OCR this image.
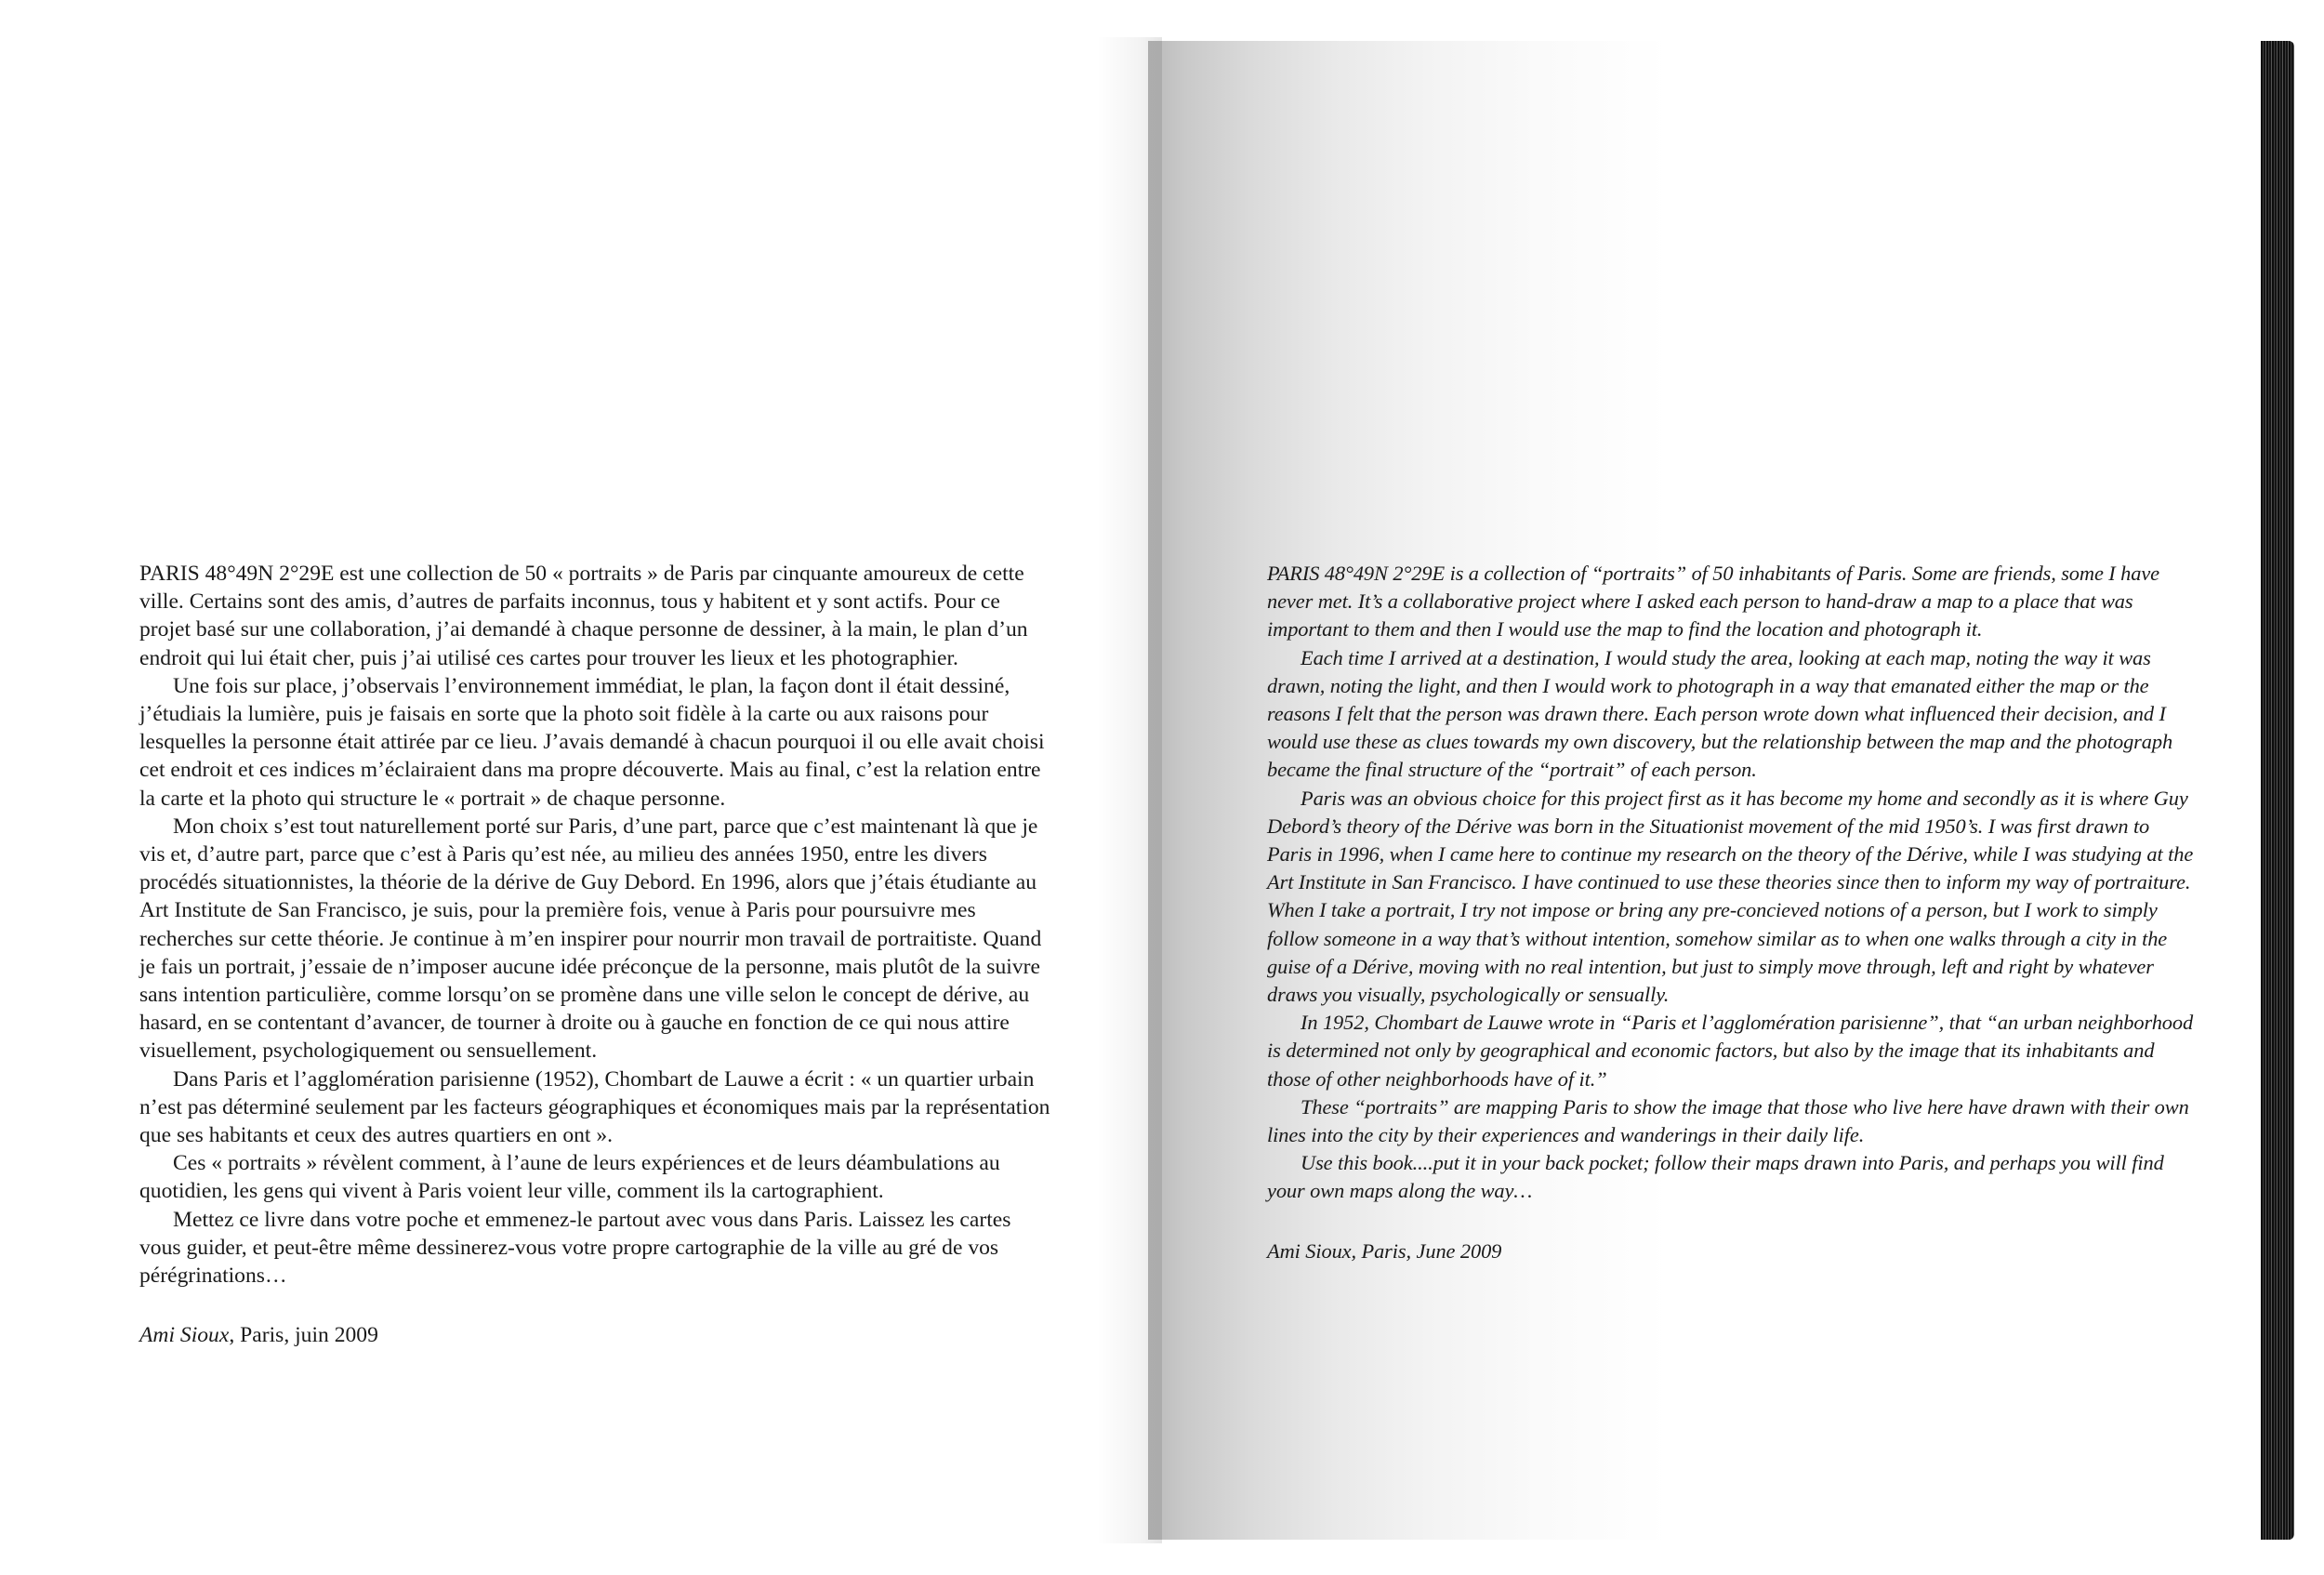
PARIS 48°49N 2°29E est une collection de 50 « portraits » de Paris par cinquante amoureux de cette ville. Certains sont des amis, d’autres de parfaits inconnus, tous y habitent et y sont actifs. Pour ce projet basé sur une collaboration, j’ai demandé à chaque personne de dessiner, à la main, le plan d’un endroit qui lui était cher, puis j’ai utilisé ces cartes pour trouver les lieux et les photographier.

Une fois sur place, j’observais l’environnement immédiat, le plan, la façon dont il était dessiné, j’étudiais la lumière, puis je faisais en sorte que la photo soit fidèle à la carte ou aux raisons pour lesquelles la personne était attirée par ce lieu. J’avais demandé à chacun pourquoi il ou elle avait choisi cet endroit et ces indices m’éclairaient dans ma propre découverte. Mais au final, c’est la relation entre la carte et la photo qui structure le « portrait » de chaque personne.

Mon choix s’est tout naturellement porté sur Paris, d’une part, parce que c’est maintenant là que je vis et, d’autre part, parce que c’est à Paris qu’est née, au milieu des années 1950, entre les divers procédés situationnistes, la théorie de la dérive de Guy Debord. En 1996, alors que j’étais étudiante au Art Institute de San Francisco, je suis, pour la première fois, venue à Paris pour poursuivre mes recherches sur cette théorie. Je continue à m’en inspirer pour nourrir mon travail de portraitiste. Quand je fais un portrait, j’essaie de n’imposer aucune idée préconçue de la personne, mais plutôt de la suivre sans intention particulière, comme lorsqu’on se promène dans une ville selon le concept de dérive, au hasard, en se contentant d’avancer, de tourner à droite ou à gauche en fonction de ce qui nous attire visuellement, psychologiquement ou sensuellement.

Dans Paris et l’agglomération parisienne (1952), Chombart de Lauwe a écrit : « un quartier urbain n’est pas déterminé seulement par les facteurs géographiques et économiques mais par la représentation que ses habitants et ceux des autres quartiers en ont ».

Ces « portraits » révèlent comment, à l’aune de leurs expériences et de leurs déambulations au quotidien, les gens qui vivent à Paris voient leur ville, comment ils la cartographient.

Mettez ce livre dans votre poche et emmenez-le partout avec vous dans Paris. Laissez les cartes vous guider, et peut-être même dessinerez-vous votre propre cartographie de la ville au gré de vos pérégrinations…

Ami Sioux, Paris, juin 2009

PARIS 48°49N 2°29E is a collection of “portraits” of 50 inhabitants of Paris. Some are friends, some I have never met. It’s a collaborative project where I asked each person to hand-draw a map to a place that was important to them and then I would use the map to find the location and photograph it.

Each time I arrived at a destination, I would study the area, looking at each map, noting the way it was drawn, noting the light, and then I would work to photograph in a way that emanated either the map or the reasons I felt that the person was drawn there. Each person wrote down what influenced their decision, and I would use these as clues towards my own discovery, but the relationship between the map and the photograph became the final structure of the “portrait” of each person.

Paris was an obvious choice for this project first as it has become my home and secondly as it is where Guy Debord’s theory of the Dérive was born in the Situationist movement of the mid 1950’s. I was first drawn to Paris in 1996, when I came here to continue my research on the theory of the Dérive, while I was studying at the Art Institute in San Francisco. I have continued to use these theories since then to inform my way of portraiture. When I take a portrait, I try not impose or bring any pre-concieved notions of a person, but I work to simply follow someone in a way that’s without intention, somehow similar as to when one walks through a city in the guise of a Dérive, moving with no real intention, but just to simply move through, left and right by whatever draws you visually, psychologically or sensually.

In 1952, Chombart de Lauwe wrote in “Paris et l’agglomération parisienne”, that “an urban neighborhood is determined not only by geographical and economic factors, but also by the image that its inhabitants and those of other neighborhoods have of it.”

These “portraits” are mapping Paris to show the image that those who live here have drawn with their own lines into the city by their experiences and wanderings in their daily life.

Use this book....put it in your back pocket; follow their maps drawn into Paris, and perhaps you will find your own maps along the way…

Ami Sioux, Paris, June 2009
